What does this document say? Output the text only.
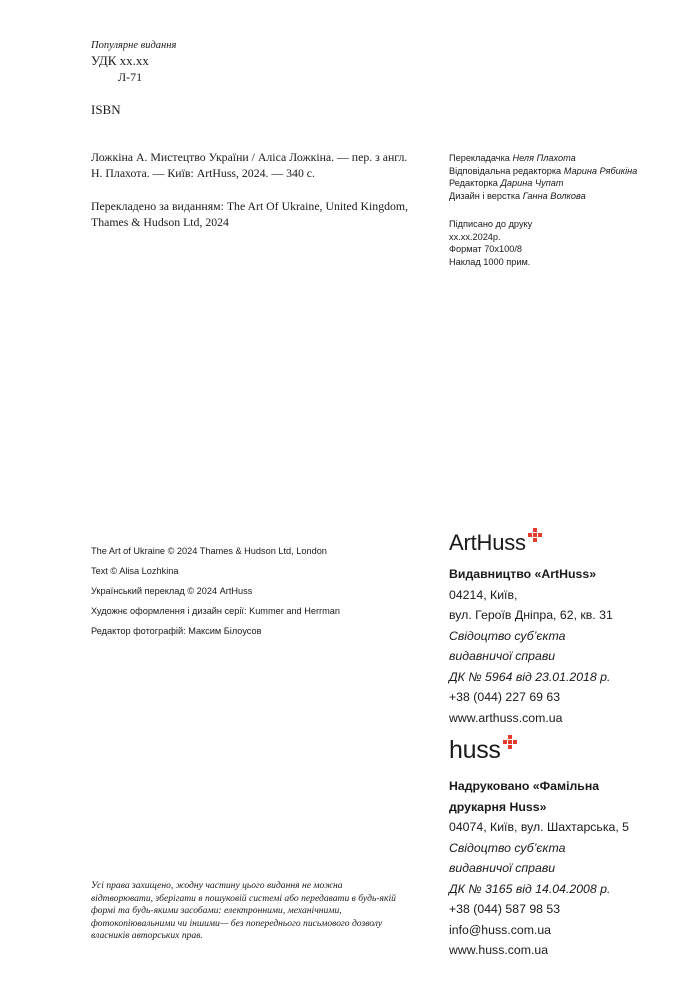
Популярне видання
УДК хх.хх
Л-71
ISBN
Ложкіна А. Мистецтво України / Аліса Ложкіна. — пер. з англ. Н. Плахота. — Київ: ArtHuss, 2024. — 340 с.
Перекладено за виданням: The Art Of Ukraine, United Kingdom, Thames & Hudson Ltd, 2024
Перекладачка Неля Плахота
Відповідальна редакторка Марина Рябикіна
Редакторка Дарина Чупат
Дизайн і верстка Ганна Волкова
Підписано до друку
хх.хх.2024р.
Формат 70х100/8
Наклад 1000 прим.
The Art of Ukraine © 2024 Thames & Hudson Ltd, London
Text © Alisa Lozhkina
Український переклад © 2024 ArtHuss
Художнє оформлення і дизайн серії: Kummer and Herrman
Редактор фотографій: Максим Білоусов
Усі права захищено, жодну частину цього видання не можна відтворювати, зберігати в пошуковій системі або передавати в будь-якій формі та будь-якими засобами: електронними, механічними, фотокопіювальними чи іншими— без попереднього письмового дозволу власників авторських прав.
ArtHuss
Видавництво «ArtHuss»
04214, Київ,
вул. Героїв Дніпра, 62, кв. 31
Свідоцтво суб’єкта
видавничої справи
ДК № 5964 від 23.01.2018 р.
+38 (044) 227 69 63
www.arthuss.com.ua
huss
Надруковано «Фамільна
друкарня Huss»
04074, Київ, вул. Шахтарська, 5
Свідоцтво суб’єкта
видавничої справи
ДК № 3165 від 14.04.2008 р.
+38 (044) 587 98 53
info@huss.com.ua
www.huss.com.ua
